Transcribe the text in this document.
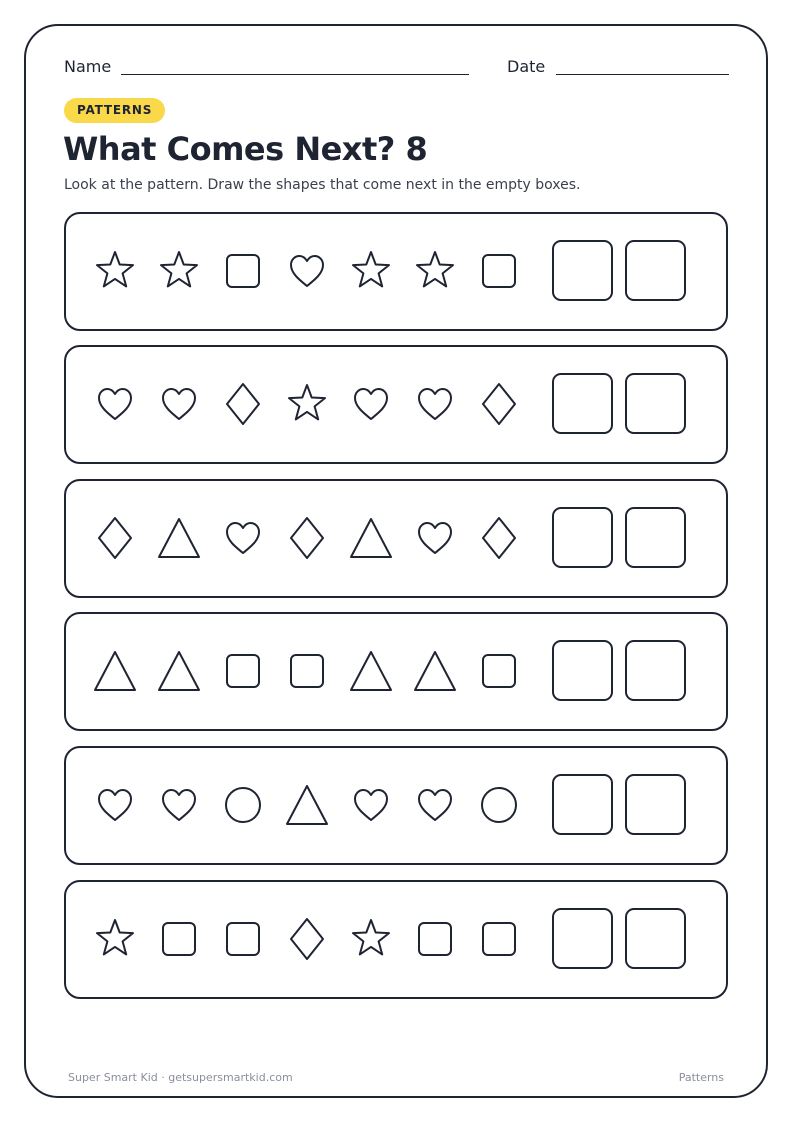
Name	Date
PATTERNS
What Comes Next? 8
Look at the pattern. Draw the shapes that come next in the empty boxes.
Super Smart Kid · getsupersmartkid.com	Patterns
